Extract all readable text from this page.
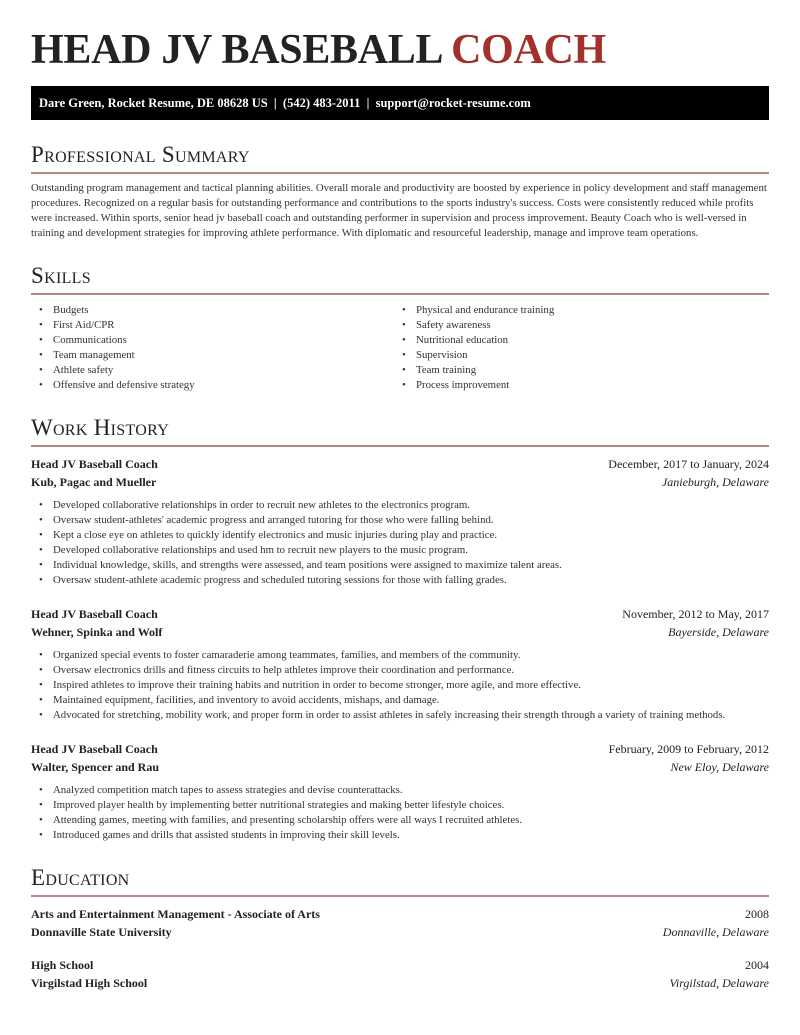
HEAD JV BASEBALL COACH
Dare Green, Rocket Resume, DE 08628 US  |  (542) 483-2011  |  support@rocket-resume.com
Professional Summary

Outstanding program management and tactical planning abilities. Overall morale and productivity are boosted by experience in policy development and staff management procedures. Recognized on a regular basis for outstanding performance and contributions to the sports industry's success. Costs were consistently reduced while profits were increased. Within sports, senior head jv baseball coach and outstanding performer in supervision and process improvement. Beauty Coach who is well-versed in training and development strategies for improving athlete performance. With diplomatic and resourceful leadership, manage and improve team operations.

Skills
• Budgets
• First Aid/CPR
• Communications
• Team management
• Athlete safety
• Offensive and defensive strategy
• Physical and endurance training
• Safety awareness
• Nutritional education
• Supervision
• Team training
• Process improvement
Work History
Head JV Baseball Coach	December, 2017 to January, 2024
Kub, Pagac and Mueller	Janieburgh, Delaware
• Developed collaborative relationships in order to recruit new athletes to the electronics program.
• Oversaw student-athletes' academic progress and arranged tutoring for those who were falling behind.
• Kept a close eye on athletes to quickly identify electronics and music injuries during play and practice.
• Developed collaborative relationships and used hm to recruit new players to the music program.
• Individual knowledge, skills, and strengths were assessed, and team positions were assigned to maximize talent areas.
• Oversaw student-athlete academic progress and scheduled tutoring sessions for those with falling grades.
Head JV Baseball Coach	November, 2012 to May, 2017
Wehner, Spinka and Wolf	Bayerside, Delaware
• Organized special events to foster camaraderie among teammates, families, and members of the community.
• Oversaw electronics drills and fitness circuits to help athletes improve their coordination and performance.
• Inspired athletes to improve their training habits and nutrition in order to become stronger, more agile, and more effective.
• Maintained equipment, facilities, and inventory to avoid accidents, mishaps, and damage.
• Advocated for stretching, mobility work, and proper form in order to assist athletes in safely increasing their strength through a variety of training methods.
Head JV Baseball Coach	February, 2009 to February, 2012
Walter, Spencer and Rau	New Eloy, Delaware
• Analyzed competition match tapes to assess strategies and devise counterattacks.
• Improved player health by implementing better nutritional strategies and making better lifestyle choices.
• Attending games, meeting with families, and presenting scholarship offers were all ways I recruited athletes.
• Introduced games and drills that assisted students in improving their skill levels.
Education
Arts and Entertainment Management - Associate of Arts	2008
Donnaville State University	Donnaville, Delaware
High School	2004
Virgilstad High School	Virgilstad, Delaware
